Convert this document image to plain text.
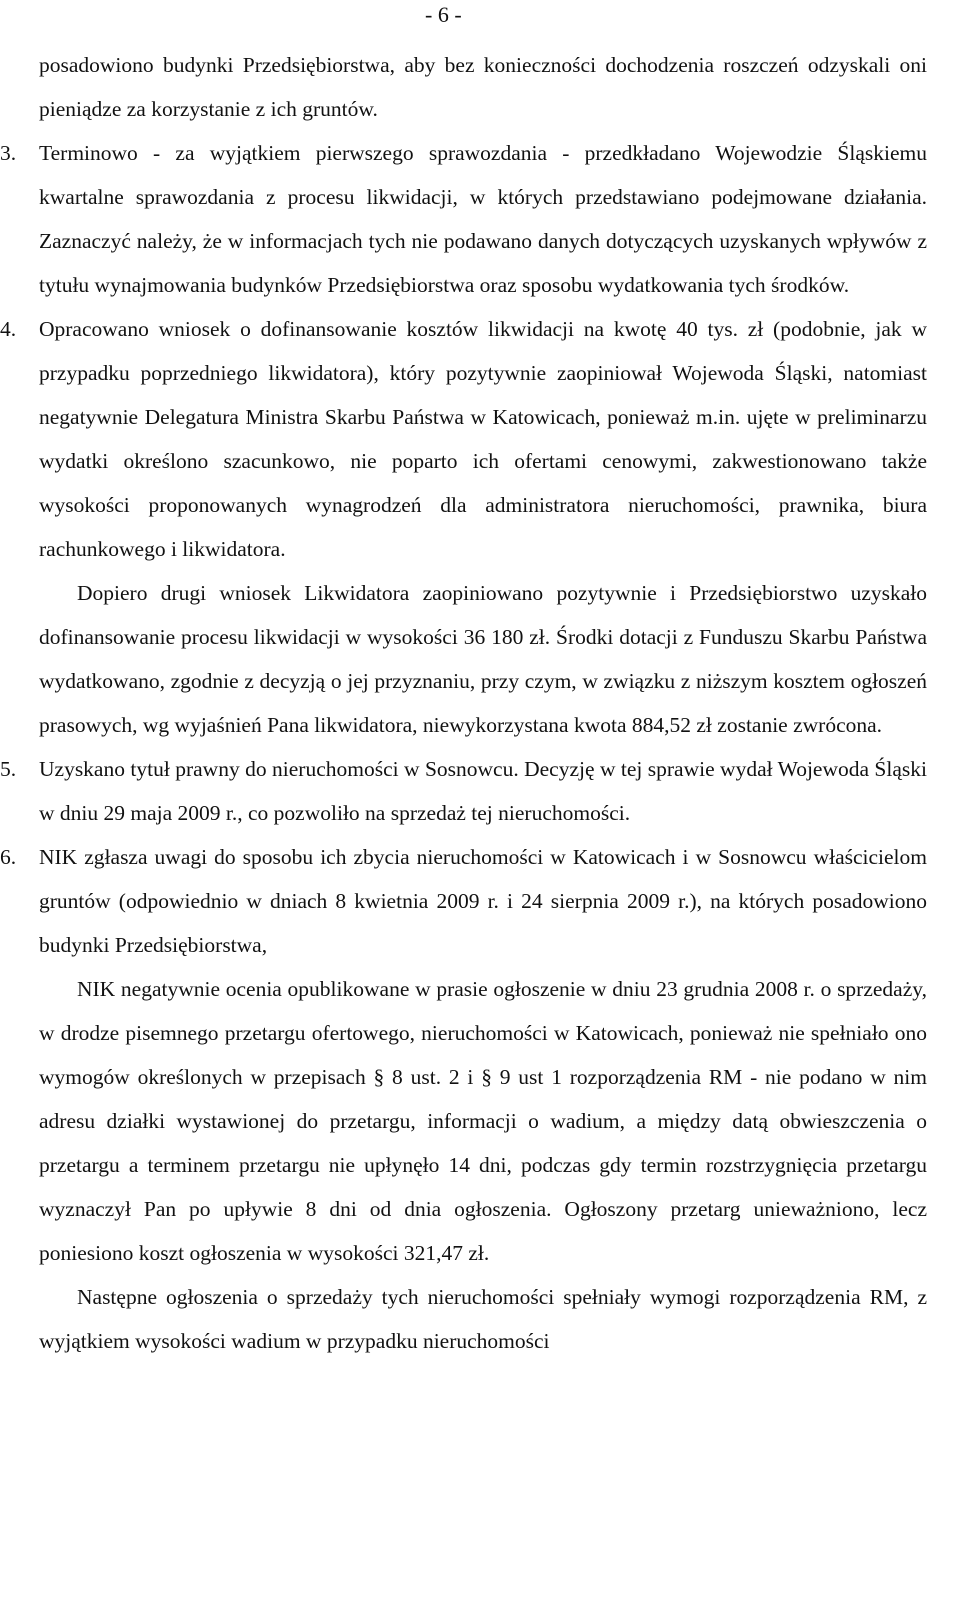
- 6 -

posadowiono budynki Przedsiębiorstwa, aby bez konieczności dochodzenia roszczeń odzyskali oni pieniądze za korzystanie z ich gruntów.

3. Terminowo - za wyjątkiem pierwszego sprawozdania - przedkładano Wojewodzie Śląskiemu kwartalne sprawozdania z procesu likwidacji, w których przedstawiano podejmowane działania. Zaznaczyć należy, że w informacjach tych nie podawano danych dotyczących uzyskanych wpływów z tytułu wynajmowania budynków Przedsiębiorstwa oraz sposobu wydatkowania tych środków.

4. Opracowano wniosek o dofinansowanie kosztów likwidacji na kwotę 40 tys. zł (podobnie, jak w przypadku poprzedniego likwidatora), który pozytywnie zaopiniował Wojewoda Śląski, natomiast negatywnie Delegatura Ministra Skarbu Państwa w Katowicach, ponieważ m.in. ujęte w preliminarzu wydatki określono szacunkowo, nie poparto ich ofertami cenowymi, zakwestionowano także wysokości proponowanych wynagrodzeń dla administratora nieruchomości, prawnika, biura rachunkowego i likwidatora.

Dopiero drugi wniosek Likwidatora zaopiniowano pozytywnie i Przedsiębiorstwo uzyskało dofinansowanie procesu likwidacji w wysokości 36 180 zł. Środki dotacji z Funduszu Skarbu Państwa wydatkowano, zgodnie z decyzją o jej przyznaniu, przy czym, w związku z niższym kosztem ogłoszeń prasowych, wg wyjaśnień Pana likwidatora, niewykorzystana kwota 884,52 zł zostanie zwrócona.

5. Uzyskano tytuł prawny do nieruchomości w Sosnowcu. Decyzję w tej sprawie wydał Wojewoda Śląski w dniu 29 maja 2009 r., co pozwoliło na sprzedaż tej nieruchomości.

6. NIK zgłasza uwagi do sposobu ich zbycia nieruchomości w Katowicach i w Sosnowcu właścicielom gruntów (odpowiednio w dniach 8 kwietnia 2009 r. i 24 sierpnia 2009 r.), na których posadowiono budynki Przedsiębiorstwa,

NIK negatywnie ocenia opublikowane w prasie ogłoszenie w dniu 23 grudnia 2008 r. o sprzedaży, w drodze pisemnego przetargu ofertowego, nieruchomości w Katowicach, ponieważ nie spełniało ono wymogów określonych w przepisach § 8 ust. 2 i § 9 ust 1 rozporządzenia RM - nie podano w nim adresu działki wystawionej do przetargu, informacji o wadium, a między datą obwieszczenia o przetargu a terminem przetargu nie upłynęło 14 dni, podczas gdy termin rozstrzygnięcia przetargu wyznaczył Pan po upływie 8 dni od dnia ogłoszenia. Ogłoszony przetarg unieważniono, lecz poniesiono koszt ogłoszenia w wysokości 321,47 zł.

Następne ogłoszenia o sprzedaży tych nieruchomości spełniały wymogi rozporządzenia RM, z wyjątkiem wysokości wadium w przypadku nieruchomości
